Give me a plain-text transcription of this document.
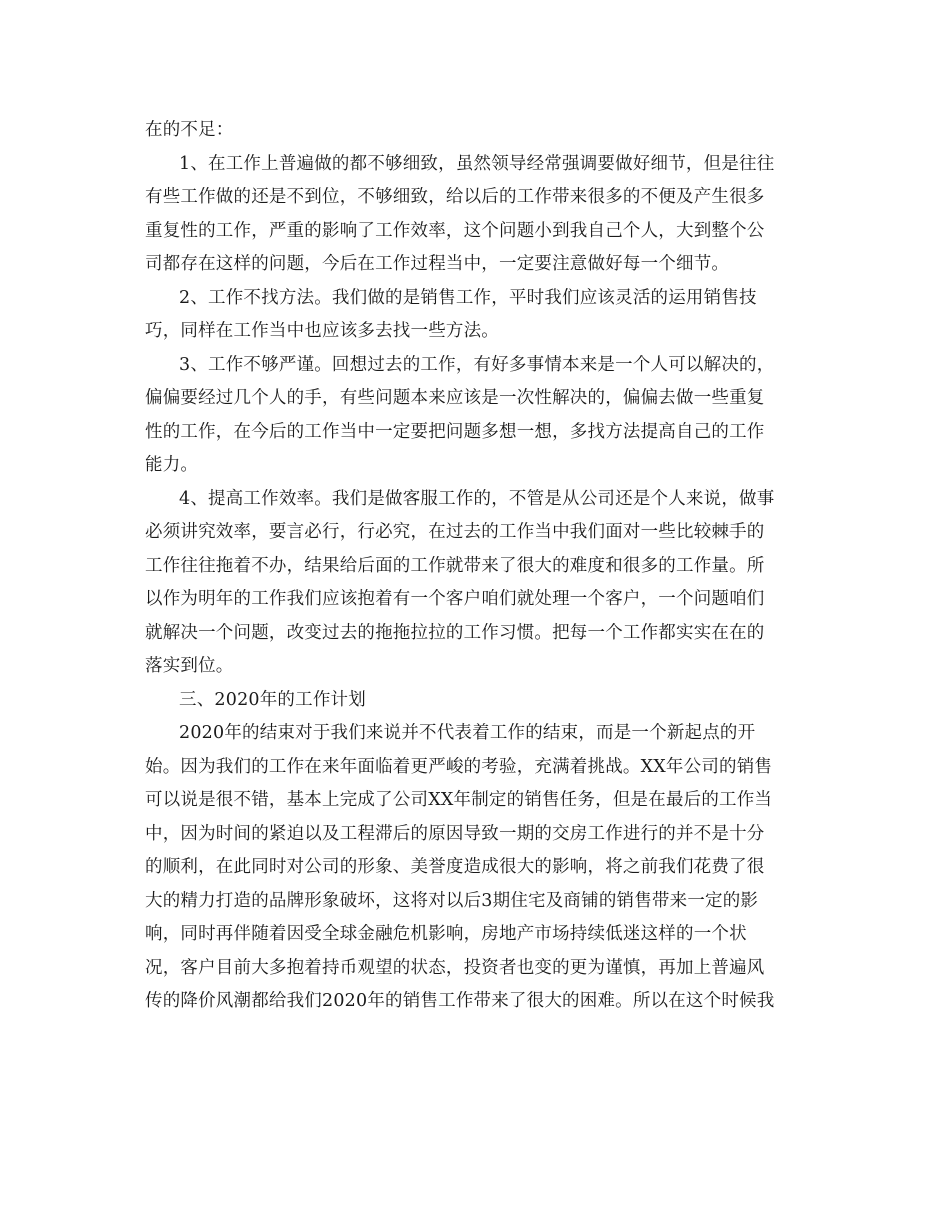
在的不足：
1、在工作上普遍做的都不够细致，虽然领导经常强调要做好细节，但是往往
有些工作做的还是不到位，不够细致，给以后的工作带来很多的不便及产生很多
重复性的工作，严重的影响了工作效率，这个问题小到我自己个人，大到整个公
司都存在这样的问题，今后在工作过程当中，一定要注意做好每一个细节。
2、工作不找方法。我们做的是销售工作，平时我们应该灵活的运用销售技
巧，同样在工作当中也应该多去找一些方法。
3、工作不够严谨。回想过去的工作，有好多事情本来是一个人可以解决的，
偏偏要经过几个人的手，有些问题本来应该是一次性解决的，偏偏去做一些重复
性的工作，在今后的工作当中一定要把问题多想一想，多找方法提高自己的工作
能力。
4、提高工作效率。我们是做客服工作的，不管是从公司还是个人来说，做事
必须讲究效率，要言必行，行必究，在过去的工作当中我们面对一些比较棘手的
工作往往拖着不办，结果给后面的工作就带来了很大的难度和很多的工作量。所
以作为明年的工作我们应该抱着有一个客户咱们就处理一个客户，一个问题咱们
就解决一个问题，改变过去的拖拖拉拉的工作习惯。把每一个工作都实实在在的
落实到位。
三、2020年的工作计划
2020年的结束对于我们来说并不代表着工作的结束，而是一个新起点的开
始。因为我们的工作在来年面临着更严峻的考验，充满着挑战。XX年公司的销售
可以说是很不错，基本上完成了公司XX年制定的销售任务，但是在最后的工作当
中，因为时间的紧迫以及工程滞后的原因导致一期的交房工作进行的并不是十分
的顺利，在此同时对公司的形象、美誉度造成很大的影响，将之前我们花费了很
大的精力打造的品牌形象破坏，这将对以后3期住宅及商铺的销售带来一定的影
响，同时再伴随着因受全球金融危机影响，房地产市场持续低迷这样的一个状
况，客户目前大多抱着持币观望的状态，投资者也变的更为谨慎，再加上普遍风
传的降价风潮都给我们2020年的销售工作带来了很大的困难。所以在这个时候我
